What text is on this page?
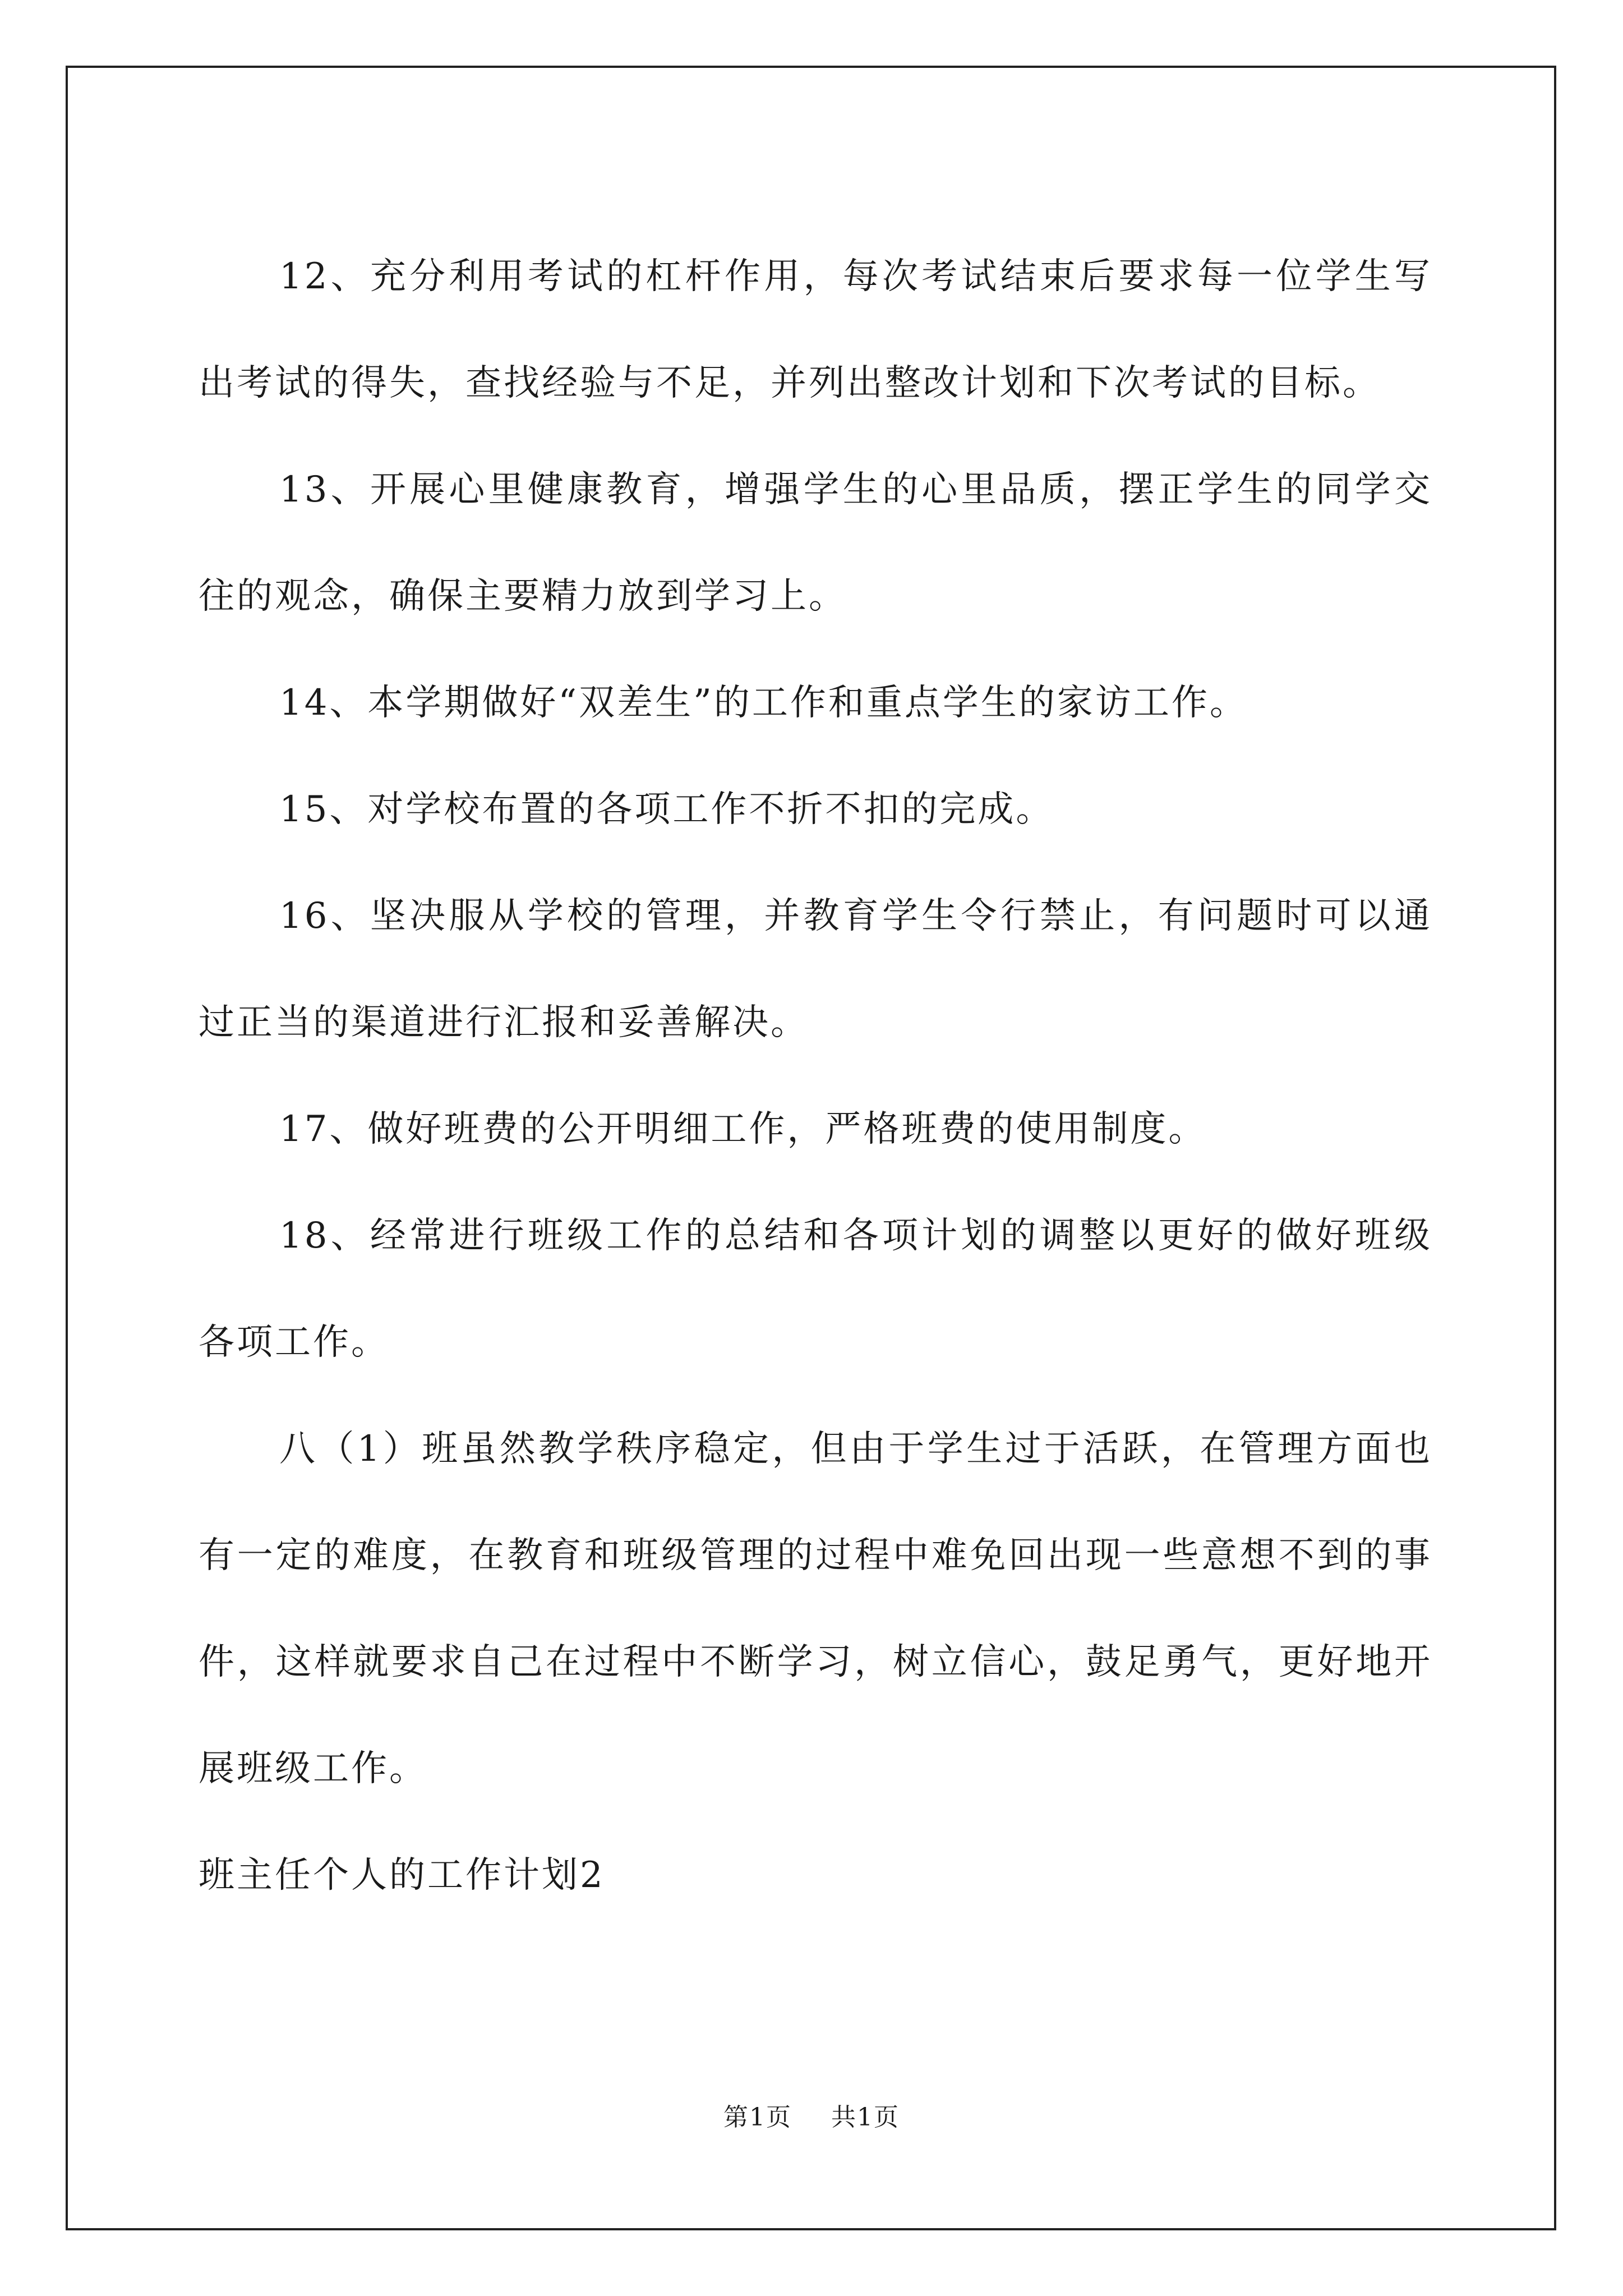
12、充分利用考试的杠杆作用，每次考试结束后要求每一位学生写出考试的得失，查找经验与不足，并列出整改计划和下次考试的目标。

13、开展心里健康教育，增强学生的心里品质，摆正学生的同学交往的观念，确保主要精力放到学习上。

14、本学期做好“双差生”的工作和重点学生的家访工作。

15、对学校布置的各项工作不折不扣的完成。

16、坚决服从学校的管理，并教育学生令行禁止，有问题时可以通过正当的渠道进行汇报和妥善解决。

17、做好班费的公开明细工作，严格班费的使用制度。

18、经常进行班级工作的总结和各项计划的调整以更好的做好班级各项工作。

八（1）班虽然教学秩序稳定，但由于学生过于活跃，在管理方面也有一定的难度，在教育和班级管理的过程中难免回出现一些意想不到的事件，这样就要求自己在过程中不断学习，树立信心，鼓足勇气，更好地开展班级工作。

班主任个人的工作计划2

第1页 共1页
